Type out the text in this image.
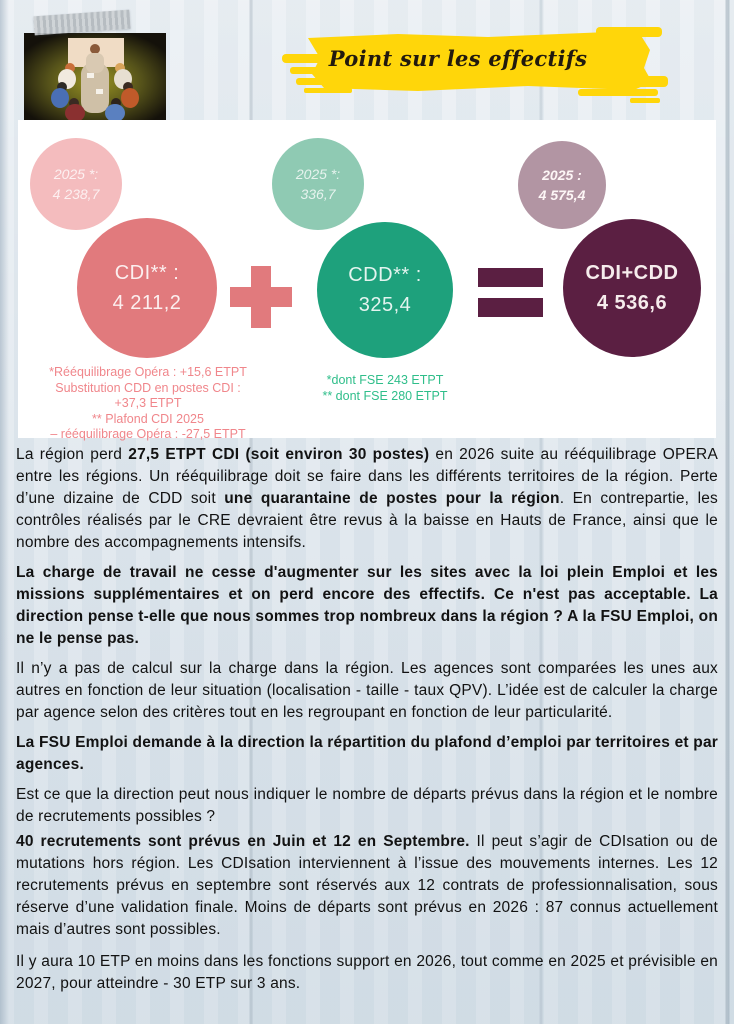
Point sur les effectifs
2025 *:
4 238,7
CDI** :
4 211,2
2025 *:
336,7
CDD** :
325,4
2025 :
4 575,4
CDI+CDD
4 536,6
*Rééquilibrage Opéra : +15,6 ETPT
Substitution CDD en postes CDI :
+37,3 ETPT
** Plafond CDI 2025
– rééquilibrage Opéra : -27,5 ETPT
*dont FSE 243 ETPT
** dont FSE 280 ETPT

La région perd 27,5 ETPT CDI (soit environ 30 postes) en 2026 suite au rééquilibrage OPERA entre les régions. Un rééquilibrage doit se faire dans les différents territoires de la région. Perte d’une dizaine de CDD soit une quarantaine de postes pour la région. En contrepartie, les contrôles réalisés par le CRE devraient être revus à la baisse en Hauts de France, ainsi que le nombre des accompagnements intensifs.

La charge de travail ne cesse d'augmenter sur les sites avec la loi plein Emploi et les missions supplémentaires et on perd encore des effectifs. Ce n'est pas acceptable. La direction pense t-elle que nous sommes trop nombreux dans la région ? A la FSU Emploi, on ne le pense pas.

Il n’y a pas de calcul sur la charge dans la région. Les agences sont comparées les unes aux autres en fonction de leur situation (localisation - taille - taux QPV). L’idée est de calculer la charge par agence selon des critères tout en les regroupant en fonction de leur particularité.

La FSU Emploi demande à la direction la répartition du plafond d’emploi par territoires et par agences.

Est ce que la direction peut nous indiquer le nombre de départs prévus dans la région et le nombre de recrutements possibles ?

40 recrutements sont prévus en Juin et 12 en Septembre. Il peut s’agir de CDIsation ou de mutations hors région. Les CDIsation interviennent à l’issue des mouvements internes. Les 12 recrutements prévus en septembre sont réservés aux 12 contrats de professionnalisation, sous réserve d’une validation finale. Moins de départs sont prévus en 2026 : 87 connus actuellement mais d’autres sont possibles.

Il y aura 10 ETP en moins dans les fonctions support en 2026, tout comme en 2025 et prévisible en 2027, pour atteindre - 30 ETP sur 3 ans.
